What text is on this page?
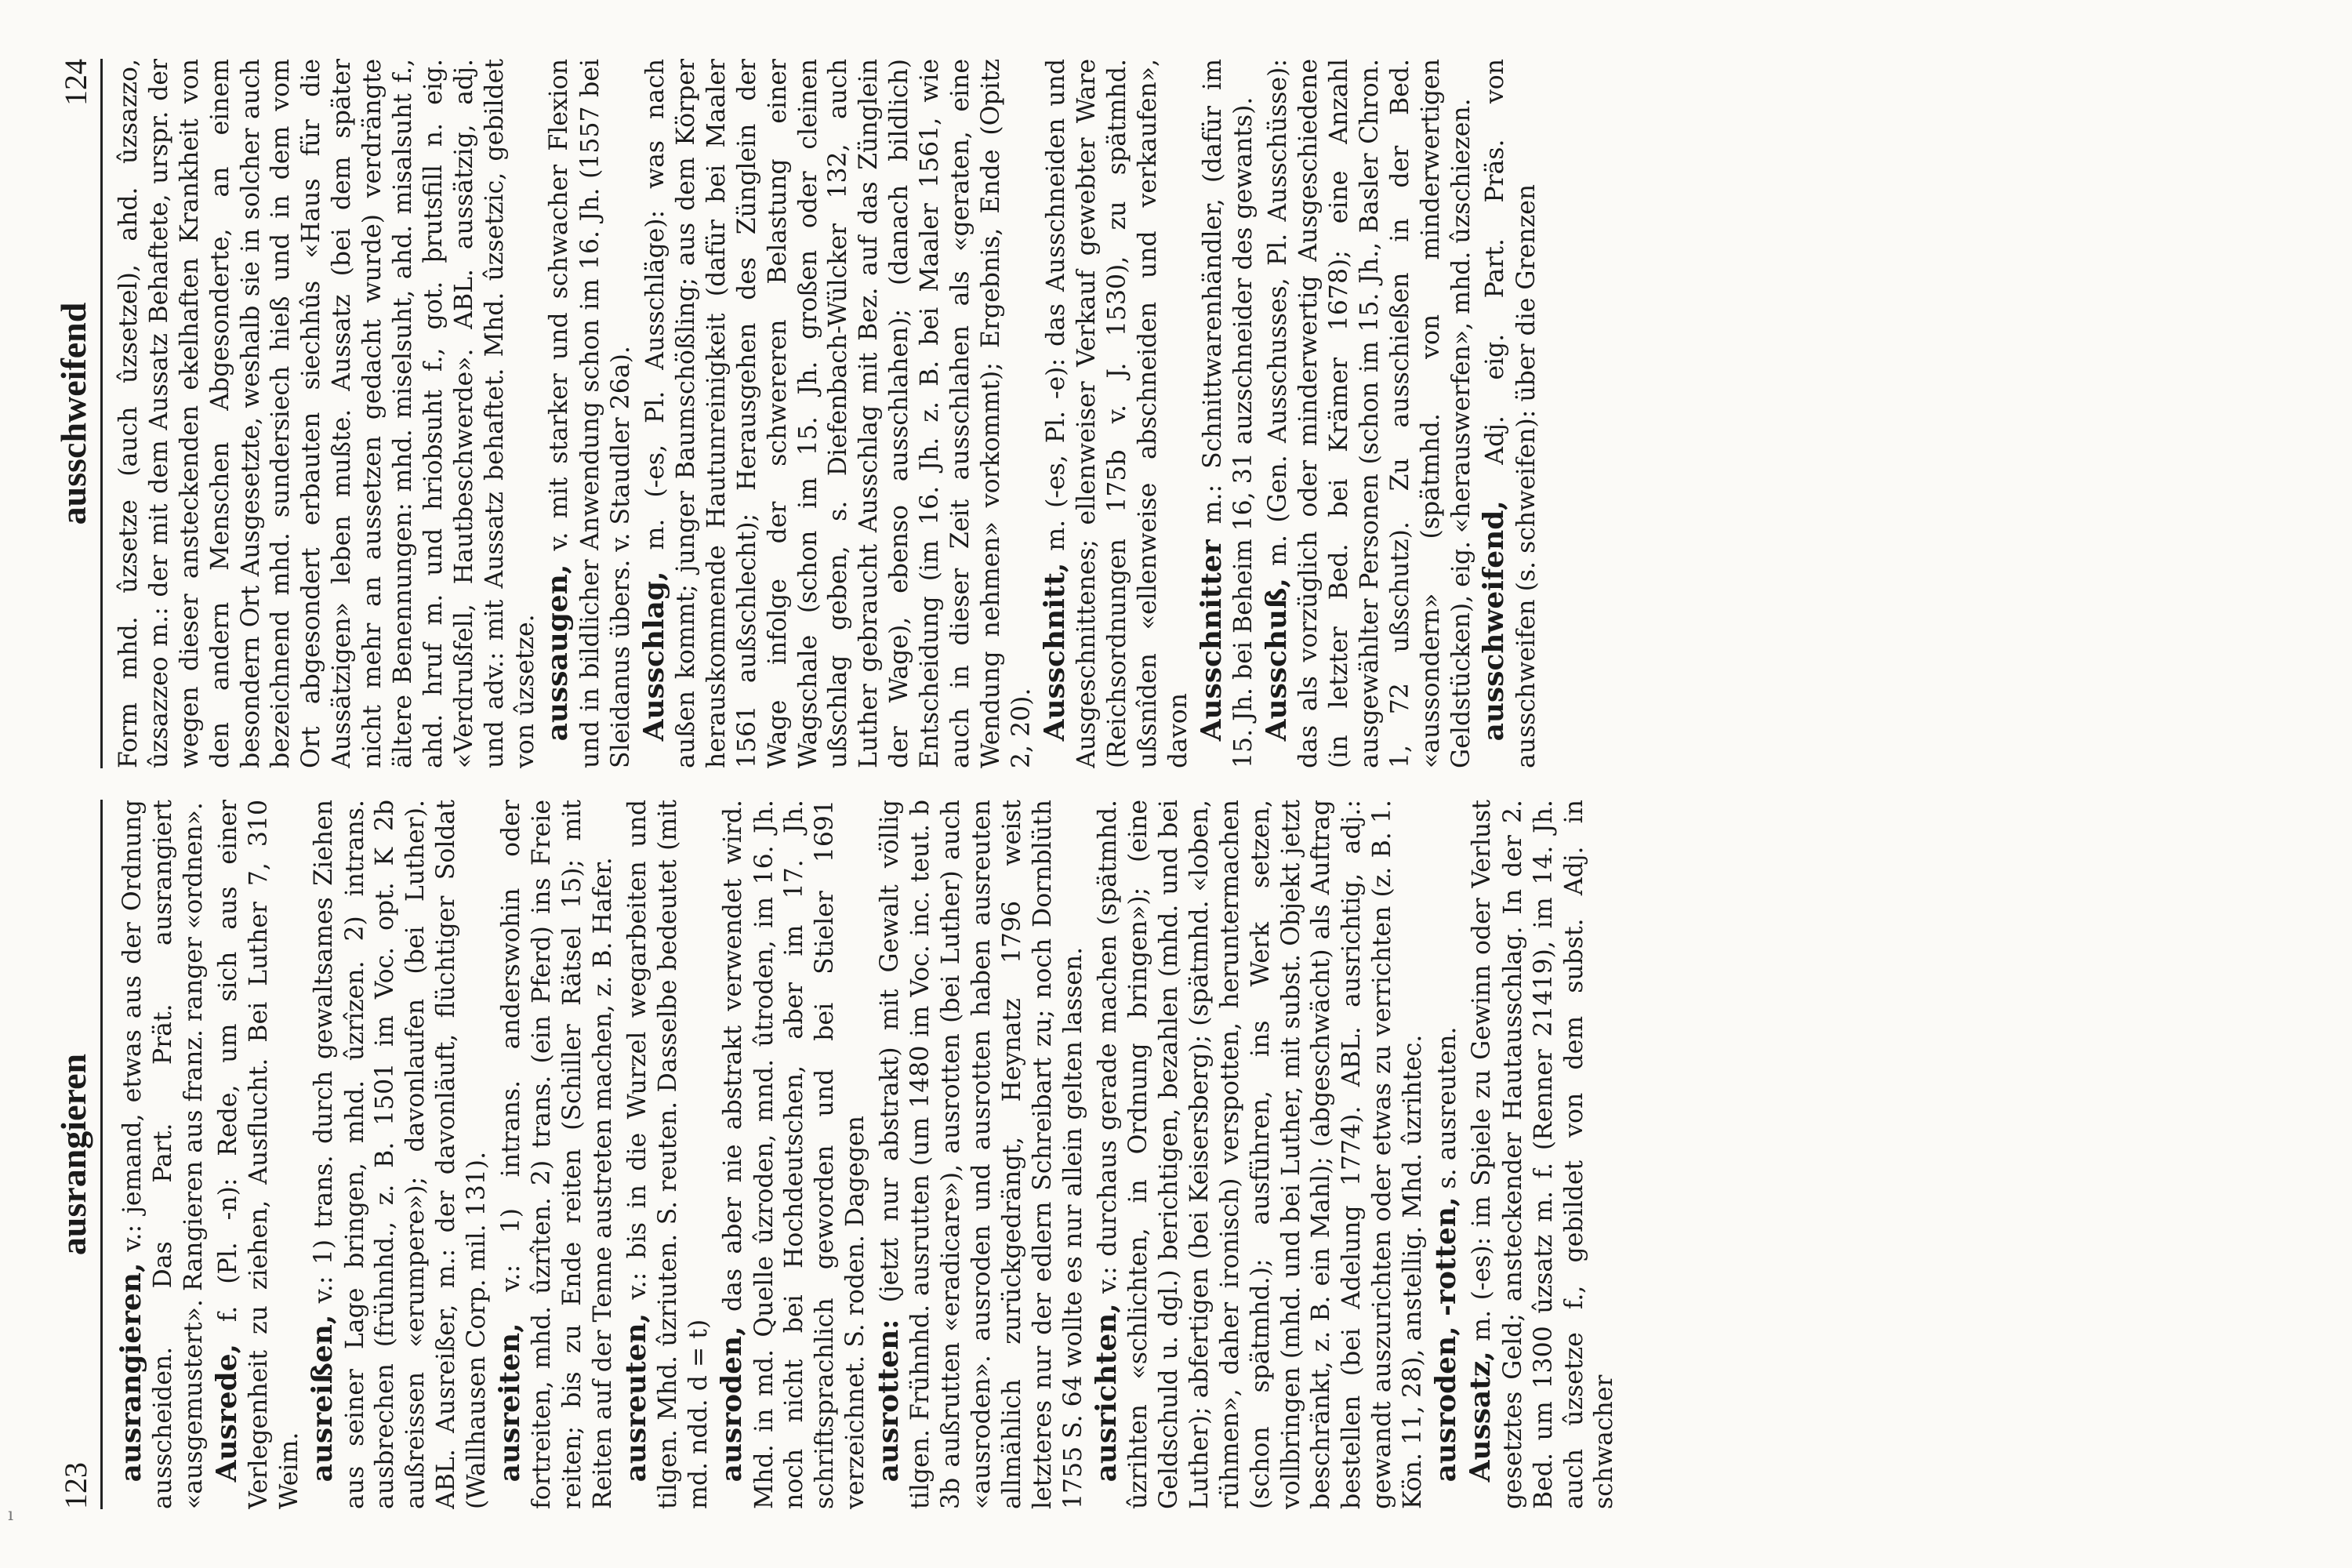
123
ausrangieren

ausrangieren, v.: jemand, etwas aus der Ordnung ausscheiden. Das Part. Prät. ausrangiert «ausgemustert». Rangieren aus franz. ranger «ordnen». Ausrede, f. (Pl. -n): Rede, um sich aus einer Verlegenheit zu ziehen, Ausflucht. Bei Luther 7, 310 Weim. ausreißen, v.: 1) trans. durch gewaltsames Ziehen aus seiner Lage bringen, mhd. ûzrîzen. 2) intrans. ausbrechen (frühnhd., z. B. 1501 im Voc. opt. K 2b außreissen «erumpere»); davonlaufen (bei Luther). ABL. Ausreißer, m.: der davonläuft, flüchtiger Soldat (Wallhausen Corp. mil. 131). ausreiten, v.: 1) intrans. anderswohin oder fortreiten, mhd. ûzrîten. 2) trans. (ein Pferd) ins Freie reiten; bis zu Ende reiten (Schiller Rätsel 15); mit Reiten auf der Tenne austreten machen, z. B. Hafer. ausreuten, v.: bis in die Wurzel wegarbeiten und tilgen. Mhd. ûzriuten. S. reuten. Dasselbe bedeutet (mit md. ndd. d = t) ausroden, das aber nie abstrakt verwendet wird. Mhd. in md. Quelle ûzroden, mnd. ûtroden, im 16. Jh. noch nicht bei Hochdeutschen, aber im 17. Jh. schriftsprachlich geworden und bei Stieler 1691 verzeichnet. S. roden. Dagegen ausrotten: (jetzt nur abstrakt) mit Gewalt völlig tilgen. Frühnhd. ausrutten (um 1480 im Voc. inc. teut. b 3b außrutten «eradicare»), ausrotten (bei Luther) auch «ausroden». ausroden und ausrotten haben ausreuten allmählich zurückgedrängt, Heynatz 1796 weist letzteres nur der edlern Schreibart zu; noch Dornblüth 1755 S. 64 wollte es nur allein gelten lassen. ausrichten, v.: durchaus gerade machen (spätmhd. ûzrihten «schlichten, in Ordnung bringen»); (eine Geldschuld u. dgl.) berichtigen, bezahlen (mhd. und bei Luther); abfertigen (bei Keisersberg); (spätmhd. «loben, rühmen», daher ironisch) verspotten, heruntermachen (schon spätmhd.); ausführen, ins Werk setzen, vollbringen (mhd. und bei Luther, mit subst. Objekt jetzt beschränkt, z. B. ein Mahl); (abgeschwächt) als Auftrag bestellen (bei Adelung 1774). ABL. ausrichtig, adj.: gewandt auszurichten oder etwas zu verrichten (z. B. 1. Kön. 11, 28), anstellig. Mhd. ûzrihtec. ausroden, -rotten, s. ausreuten.

Aussatz, m. (-es): im Spiele zu Gewinn oder Verlust gesetztes Geld; ansteckender Hautausschlag. In der 2. Bed. um 1300 ûzsatz m. f. (Renner 21419), im 14. Jh. auch ûzsetze f., gebildet von dem subst. Adj. in schwacher

ausschweifend
124 Form mhd. ûzsetze (auch ûzsetzel), ahd. ûzsazzo, ûzsazzeo m.: der mit dem Aussatz Behaftete, urspr. der wegen dieser ansteckenden ekelhaften Krankheit von den andern Menschen Abgesonderte, an einem besondern Ort Ausgesetzte, weshalb sie in solcher auch bezeichnend mhd. sundersiech hieß und in dem vom Ort abgesondert erbauten siechhûs «Haus für die Aussätzigen» leben mußte. Aussatz (bei dem später nicht mehr an aussetzen gedacht wurde) verdrängte ältere Benennungen: mhd. miselsuht, ahd. misalsuht f., ahd. hruf m. und hriobsuht f., got. þrutsfill n. eig. «Verdrußfell, Hautbeschwerde». ABL. aussätzig, adj. und adv.: mit Aussatz behaftet. Mhd. ûzsetzic, gebildet von ûzsetze. aussaugen, v. mit starker und schwacher Flexion und in bildlicher Anwendung schon im 16. Jh. (1557 bei Sleidanus übers. v. Staudler 26a). Ausschlag, m. (-es, Pl. Ausschläge): was nach außen kommt; junger Baumschößling; aus dem Körper herauskommende Hautunreinigkeit (dafür bei Maaler 1561 außschlecht); Herausgehen des Zünglein der Wage infolge der schwereren Belastung einer Wagschale (schon im 15. Jh. großen oder cleinen ußschlag geben, s. Diefenbach-Wülcker 132, auch Luther gebraucht Ausschlag mit Bez. auf das Zünglein der Wage), ebenso ausschlahen); (danach bildlich) Entscheidung (im 16. Jh. z. B. bei Maaler 1561, wie auch in dieser Zeit ausschlahen als «geraten, eine Wendung nehmen» vorkommt); Ergebnis, Ende (Opitz 2, 20). Ausschnitt, m. (-es, Pl. -e): das Ausschneiden und Ausgeschnittenes; ellenweiser Verkauf gewebter Ware (Reichsordnungen 175b v. J. 1530), zu spätmhd. ußsnîden «ellenweise abschneiden und verkaufen», davon Ausschnitter m.: Schnittwarenhändler, (dafür im 15. Jh. bei Beheim 16, 31 auzschneider des gewants). Ausschuß, m. (Gen. Ausschusses, Pl. Ausschüsse): das als vorzüglich oder minderwertig Ausgeschiedene (in letzter Bed. bei Krämer 1678); eine Anzahl ausgewählter Personen (schon im 15. Jh., Basler Chron. 1, 72 ußschutz). Zu ausschießen in der Bed. «aussondern» (spätmhd. von minderwertigen Geldstücken), eig. «herauswerfen», mhd. ûzschiezen. ausschweifend, Adj. eig. Part. Präs. von ausschweifen (s. schweifen): über die Grenzen

ı
